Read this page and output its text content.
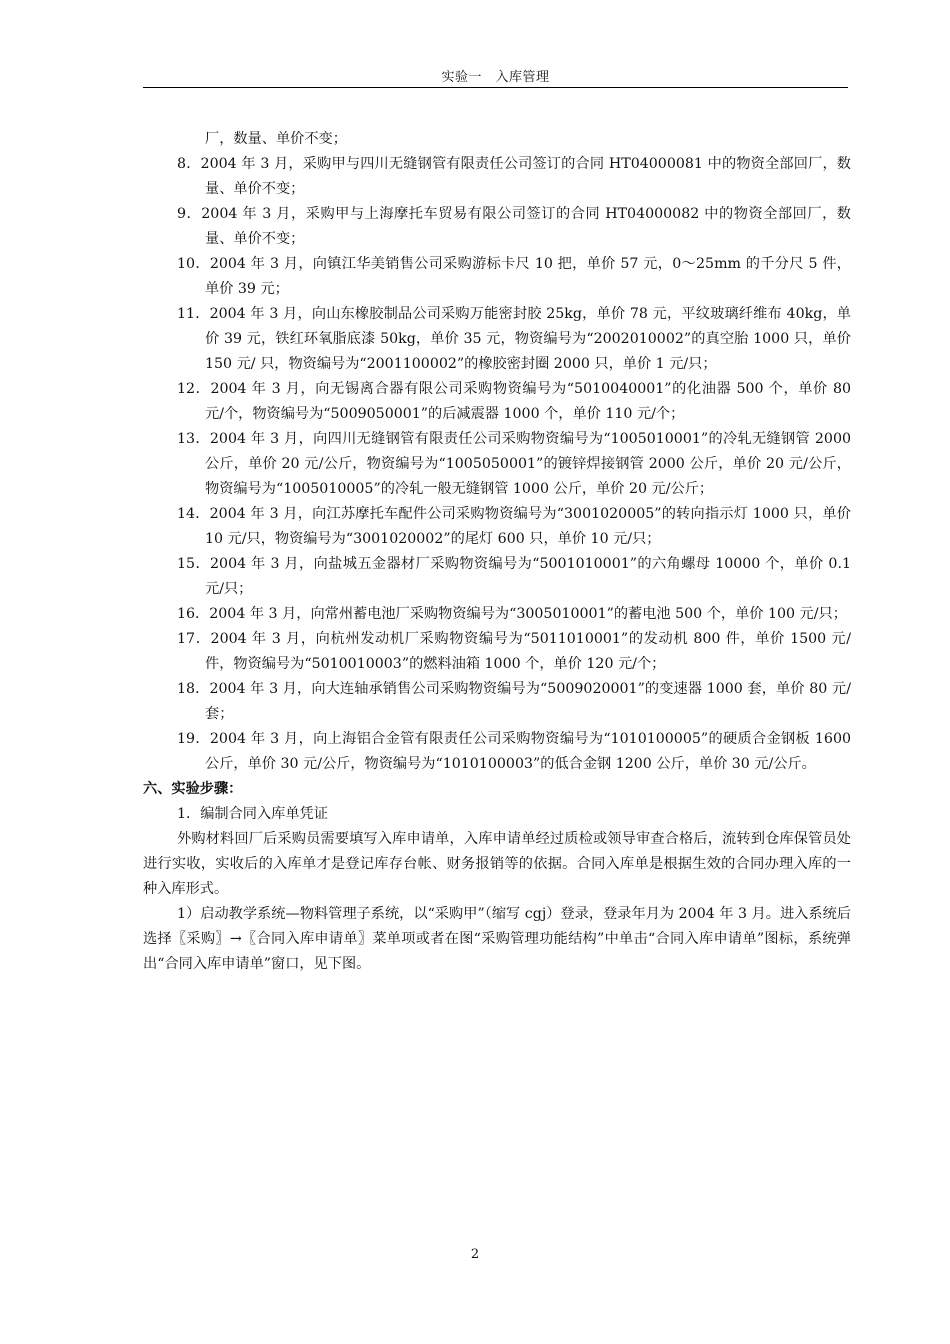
实验一　入库管理

厂，数量、单价不变；

8．2004 年 3 月，采购甲与四川无缝钢管有限责任公司签订的合同 HT04000081 中的物资全部回厂，数量、单价不变；

9．2004 年 3 月，采购甲与上海摩托车贸易有限公司签订的合同 HT04000082 中的物资全部回厂，数量、单价不变；

10．2004 年 3 月，向镇江华美销售公司采购游标卡尺 10 把，单价 57 元，0～25mm 的千分尺 5 件，单价 39 元；

11．2004 年 3 月，向山东橡胶制品公司采购万能密封胶 25kg，单价 78 元，平纹玻璃纤维布 40kg，单价 39 元，铁红环氧脂底漆 50kg，单价 35 元，物资编号为“2002010002”的真空胎 1000 只，单价 150 元/ 只，物资编号为“2001100002”的橡胶密封圈 2000 只，单价 1 元/只；

12．2004 年 3 月，向无锡离合器有限公司采购物资编号为“5010040001”的化油器 500 个，单价 80 元/个，物资编号为“5009050001”的后减震器 1000 个，单价 110 元/个；

13．2004 年 3 月，向四川无缝钢管有限责任公司采购物资编号为“1005010001”的冷轧无缝钢管 2000 公斤，单价 20 元/公斤，物资编号为“1005050001”的镀锌焊接钢管 2000 公斤，单价 20 元/公斤，物资编号为“1005010005”的冷轧一般无缝钢管 1000 公斤，单价 20 元/公斤；

14．2004 年 3 月，向江苏摩托车配件公司采购物资编号为“3001020005”的转向指示灯 1000 只，单价 10 元/只，物资编号为“3001020002”的尾灯 600 只，单价 10 元/只；

15．2004 年 3 月，向盐城五金器材厂采购物资编号为“5001010001”的六角螺母 10000 个，单价 0.1 元/只；

16．2004 年 3 月，向常州蓄电池厂采购物资编号为“3005010001”的蓄电池 500 个，单价 100 元/只；

17．2004 年 3 月，向杭州发动机厂采购物资编号为“5011010001”的发动机 800 件，单价 1500 元/件，物资编号为“5010010003”的燃料油箱 1000 个，单价 120 元/个；

18．2004 年 3 月，向大连轴承销售公司采购物资编号为“5009020001”的变速器 1000 套，单价 80 元/套；

19．2004 年 3 月，向上海铝合金管有限责任公司采购物资编号为“1010100005”的硬质合金钢板 1600 公斤，单价 30 元/公斤，物资编号为“1010100003”的低合金钢 1200 公斤，单价 30 元/公斤。

六、实验步骤：

1．编制合同入库单凭证

外购材料回厂后采购员需要填写入库申请单，入库申请单经过质检或领导审查合格后，流转到仓库保管员处进行实收，实收后的入库单才是登记库存台帐、财务报销等的依据。合同入库单是根据生效的合同办理入库的一种入库形式。

1）启动教学系统—物料管理子系统，以“采购甲”（缩写 cgj）登录，登录年月为 2004 年 3 月。进入系统后选择〖采购〗→〖合同入库申请单〗菜单项或者在图“采购管理功能结构”中单击“合同入库申请单”图标，系统弹出“合同入库申请单”窗口，见下图。

2
